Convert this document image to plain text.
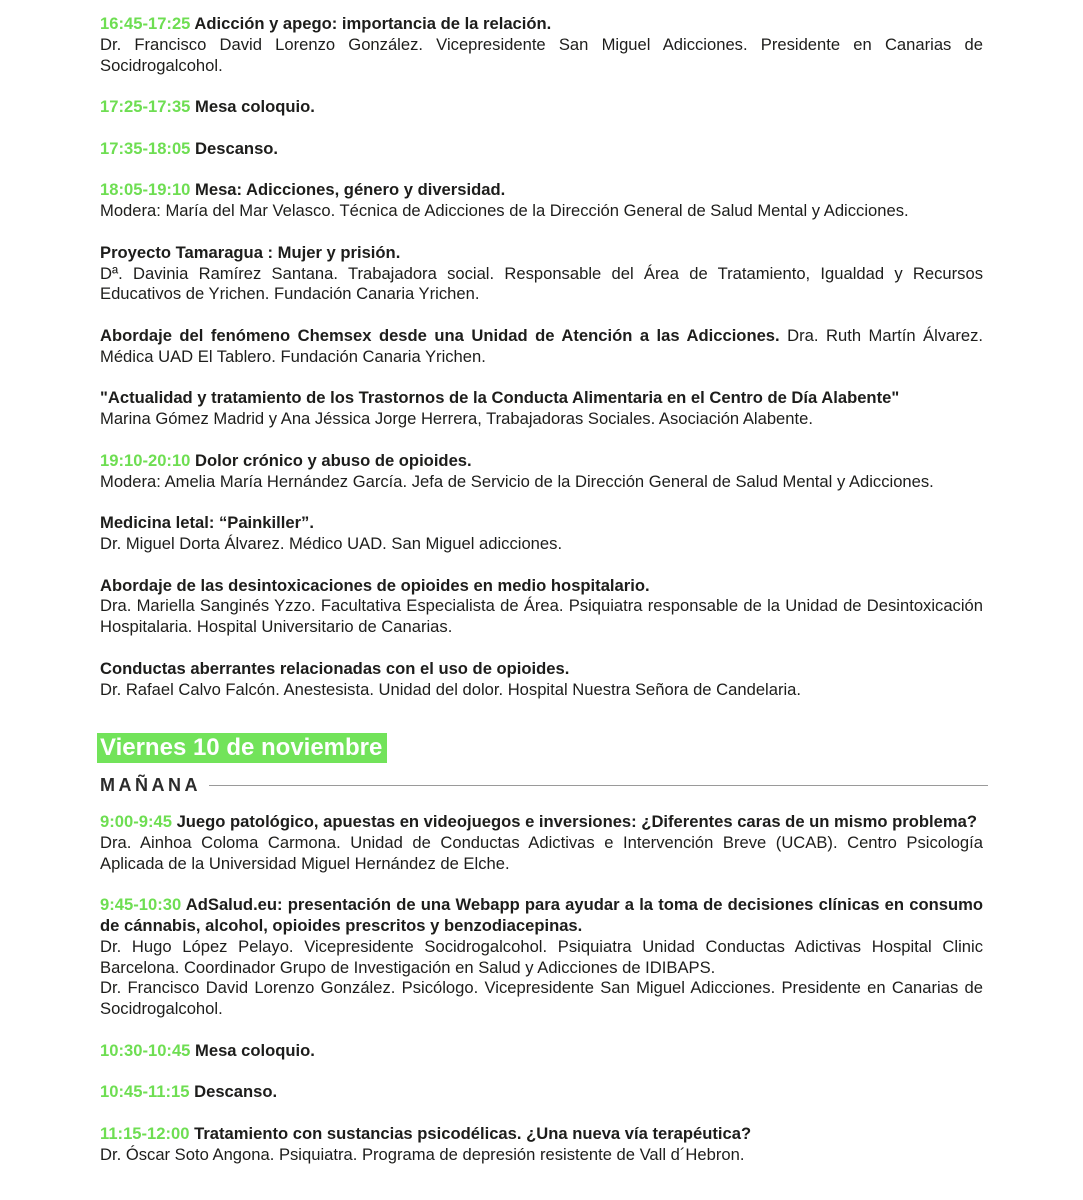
16:45-17:25 Adicción y apego: importancia de la relación.
Dr. Francisco David Lorenzo González. Vicepresidente San Miguel Adicciones. Presidente en Canarias de Socidrogalcohol.
17:25-17:35 Mesa coloquio.
17:35-18:05 Descanso.
18:05-19:10 Mesa: Adicciones, género y diversidad.
Modera: María del Mar Velasco. Técnica de Adicciones de la Dirección General de Salud Mental y Adicciones.
Proyecto Tamaragua : Mujer y prisión.
Dª. Davinia Ramírez Santana. Trabajadora social. Responsable del Área de Tratamiento, Igualdad y Recursos Educativos de Yrichen. Fundación Canaria Yrichen.
Abordaje del fenómeno Chemsex desde una Unidad de Atención a las Adicciones. Dra. Ruth Martín Álvarez. Médica UAD El Tablero. Fundación Canaria Yrichen.
"Actualidad y tratamiento de los Trastornos de la Conducta Alimentaria en el Centro de Día Alabente"
Marina Gómez Madrid y Ana Jéssica Jorge Herrera, Trabajadoras Sociales. Asociación Alabente.
19:10-20:10 Dolor crónico y abuso de opioides.
Modera: Amelia María Hernández García. Jefa de Servicio de la Dirección General de Salud Mental y Adicciones.
Medicina letal: “Painkiller”.
Dr. Miguel Dorta Álvarez. Médico UAD. San Miguel adicciones.
Abordaje de las desintoxicaciones de opioides en medio hospitalario.
Dra. Mariella Sanginés Yzzo. Facultativa Especialista de Área. Psiquiatra responsable de la Unidad de Desintoxicación Hospitalaria. Hospital Universitario de Canarias.
Conductas aberrantes relacionadas con el uso de opioides.
Dr. Rafael Calvo Falcón. Anestesista. Unidad del dolor. Hospital Nuestra Señora de Candelaria.
Viernes 10 de noviembre
MAÑANA
9:00-9:45 Juego patológico, apuestas en videojuegos e inversiones: ¿Diferentes caras de un mismo problema?
Dra. Ainhoa Coloma Carmona. Unidad de Conductas Adictivas e Intervención Breve (UCAB). Centro Psicología Aplicada de la Universidad Miguel Hernández de Elche.
9:45-10:30 AdSalud.eu: presentación de una Webapp para ayudar a la toma de decisiones clínicas en consumo de cánnabis, alcohol, opioides prescritos y benzodiacepinas.
Dr. Hugo López Pelayo. Vicepresidente Socidrogalcohol. Psiquiatra Unidad Conductas Adictivas Hospital Clinic Barcelona. Coordinador Grupo de Investigación en Salud y Adicciones de IDIBAPS.
Dr. Francisco David Lorenzo González. Psicólogo. Vicepresidente San Miguel Adicciones. Presidente en Canarias de Socidrogalcohol.
10:30-10:45 Mesa coloquio.
10:45-11:15 Descanso.
11:15-12:00 Tratamiento con sustancias psicodélicas. ¿Una nueva vía terapéutica?
Dr. Óscar Soto Angona. Psiquiatra. Programa de depresión resistente de Vall d´Hebron.
